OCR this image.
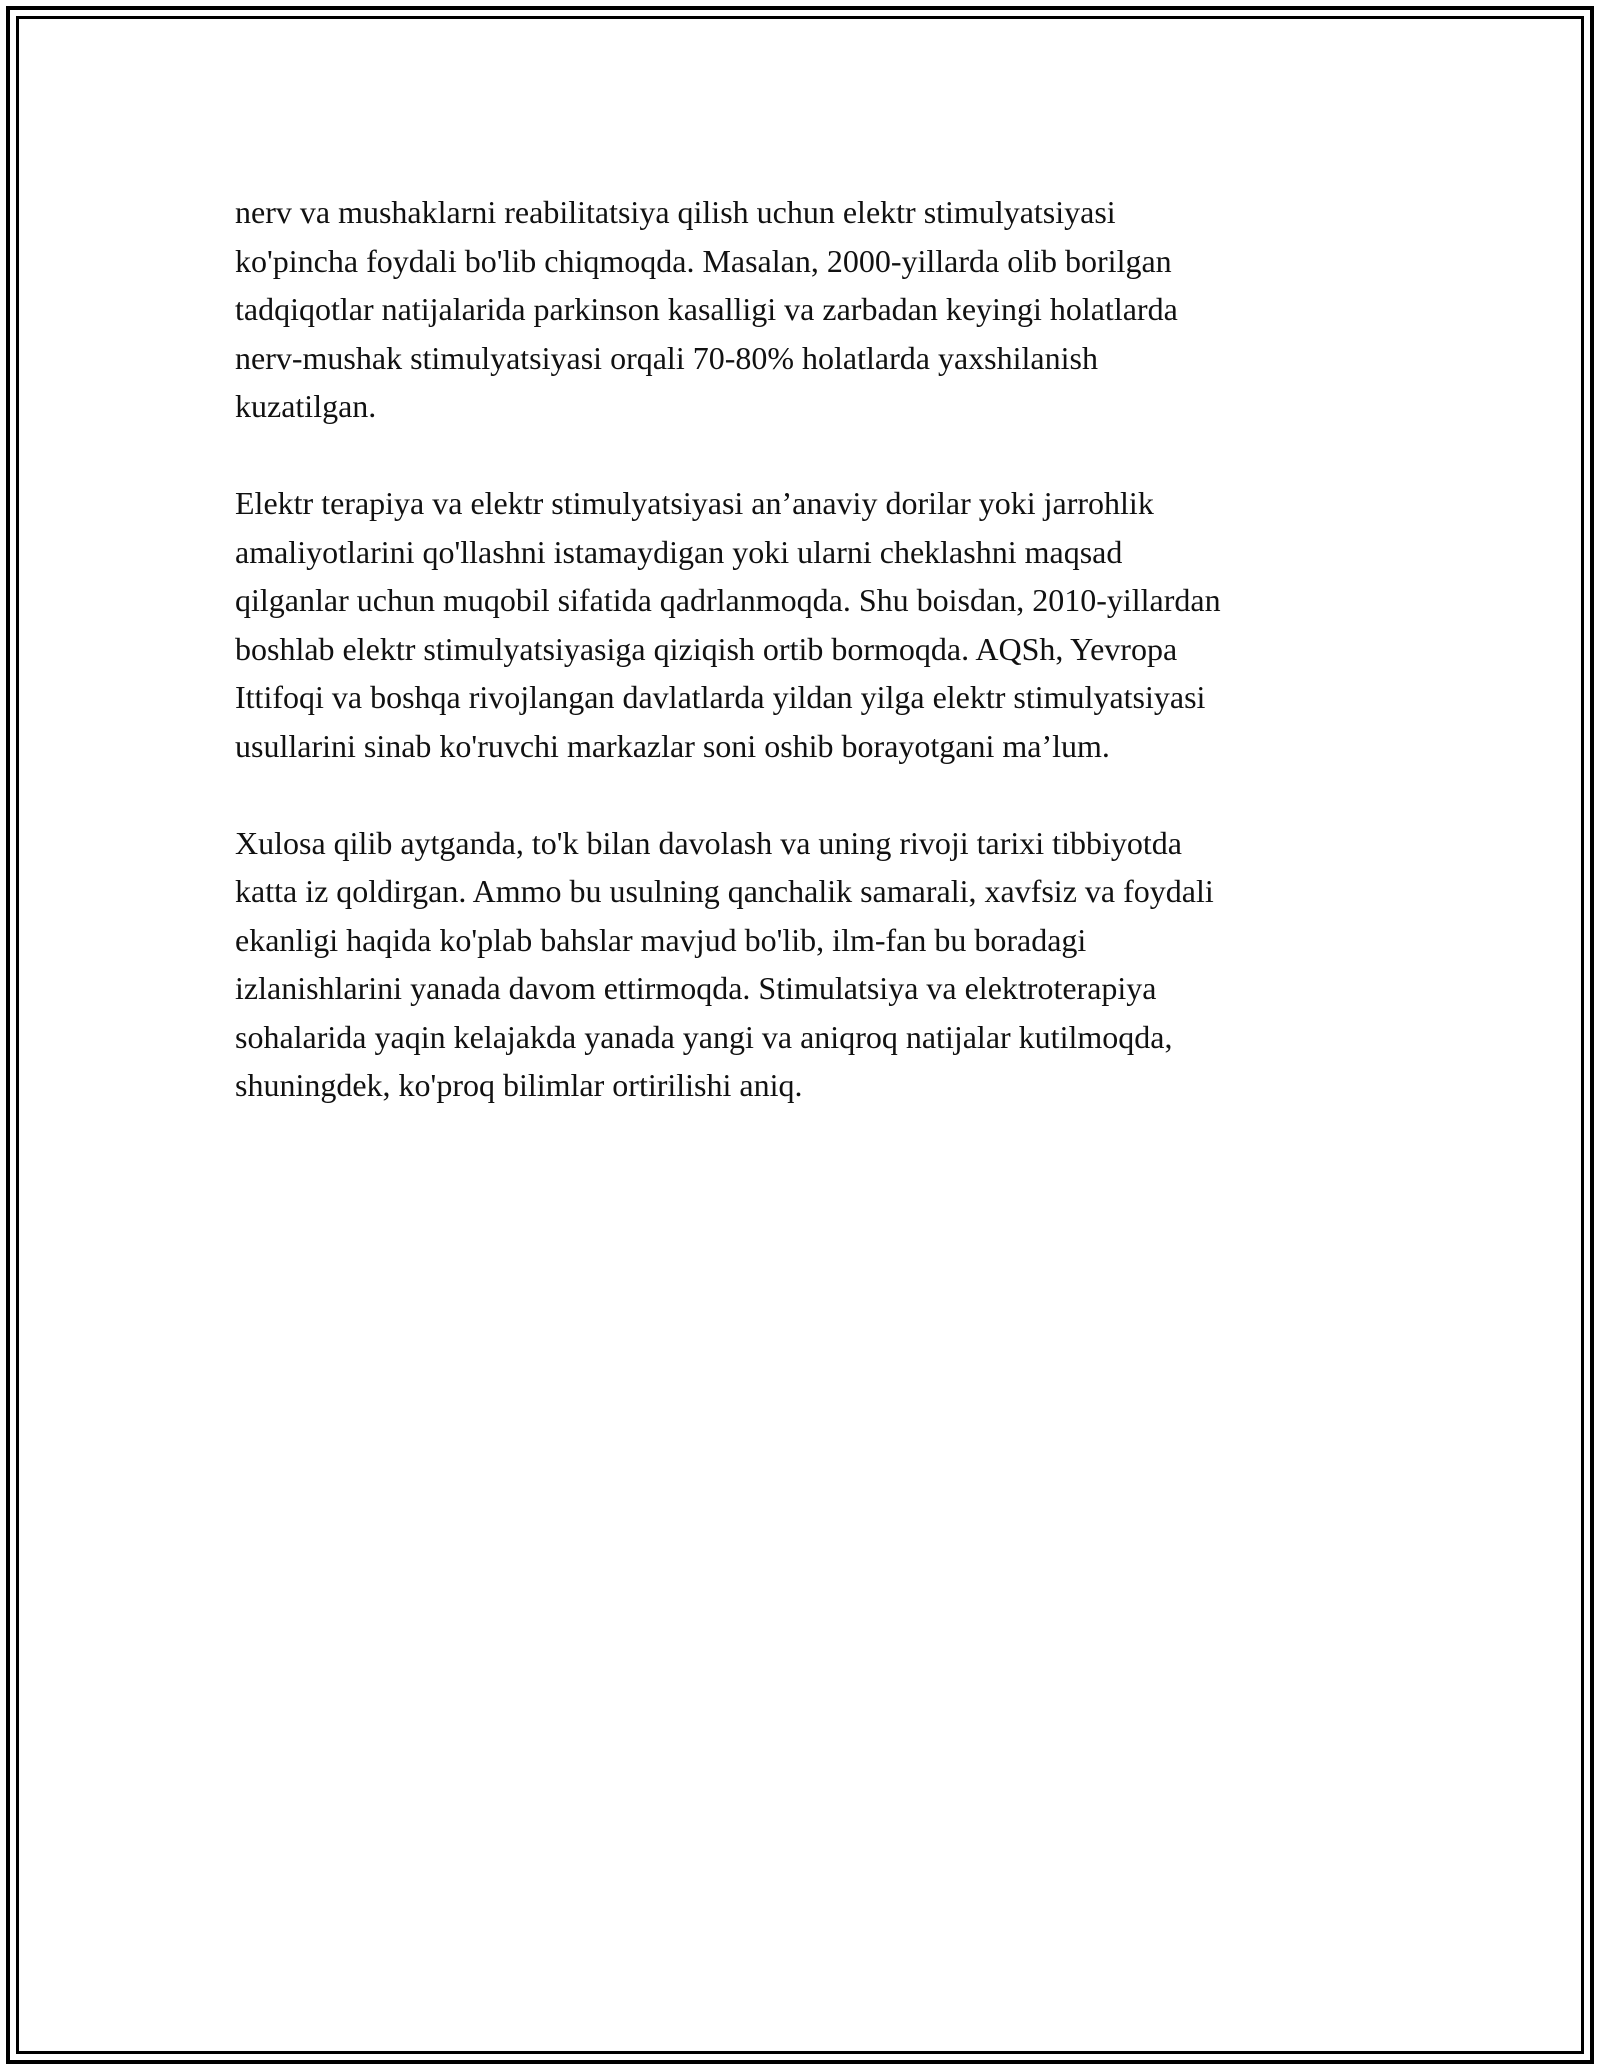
nerv va mushaklarni reabilitatsiya qilish uchun elektr stimulyatsiyasi
ko'pincha foydali bo'lib chiqmoqda. Masalan, 2000-yillarda olib borilgan
tadqiqotlar natijalarida parkinson kasalligi va zarbadan keyingi holatlarda
nerv-mushak stimulyatsiyasi orqali 70-80% holatlarda yaxshilanish
kuzatilgan.

Elektr terapiya va elektr stimulyatsiyasi an’anaviy dorilar yoki jarrohlik
amaliyotlarini qo'llashni istamaydigan yoki ularni cheklashni maqsad
qilganlar uchun muqobil sifatida qadrlanmoqda. Shu boisdan, 2010-yillardan
boshlab elektr stimulyatsiyasiga qiziqish ortib bormoqda. AQSh, Yevropa
Ittifoqi va boshqa rivojlangan davlatlarda yildan yilga elektr stimulyatsiyasi
usullarini sinab ko'ruvchi markazlar soni oshib borayotgani ma’lum.

Xulosa qilib aytganda, to'k bilan davolash va uning rivoji tarixi tibbiyotda
katta iz qoldirgan. Ammo bu usulning qanchalik samarali, xavfsiz va foydali
ekanligi haqida ko'plab bahslar mavjud bo'lib, ilm-fan bu boradagi
izlanishlarini yanada davom ettirmoqda. Stimulatsiya va elektroterapiya
sohalarida yaqin kelajakda yanada yangi va aniqroq natijalar kutilmoqda,
shuningdek, ko'proq bilimlar ortirilishi aniq.
